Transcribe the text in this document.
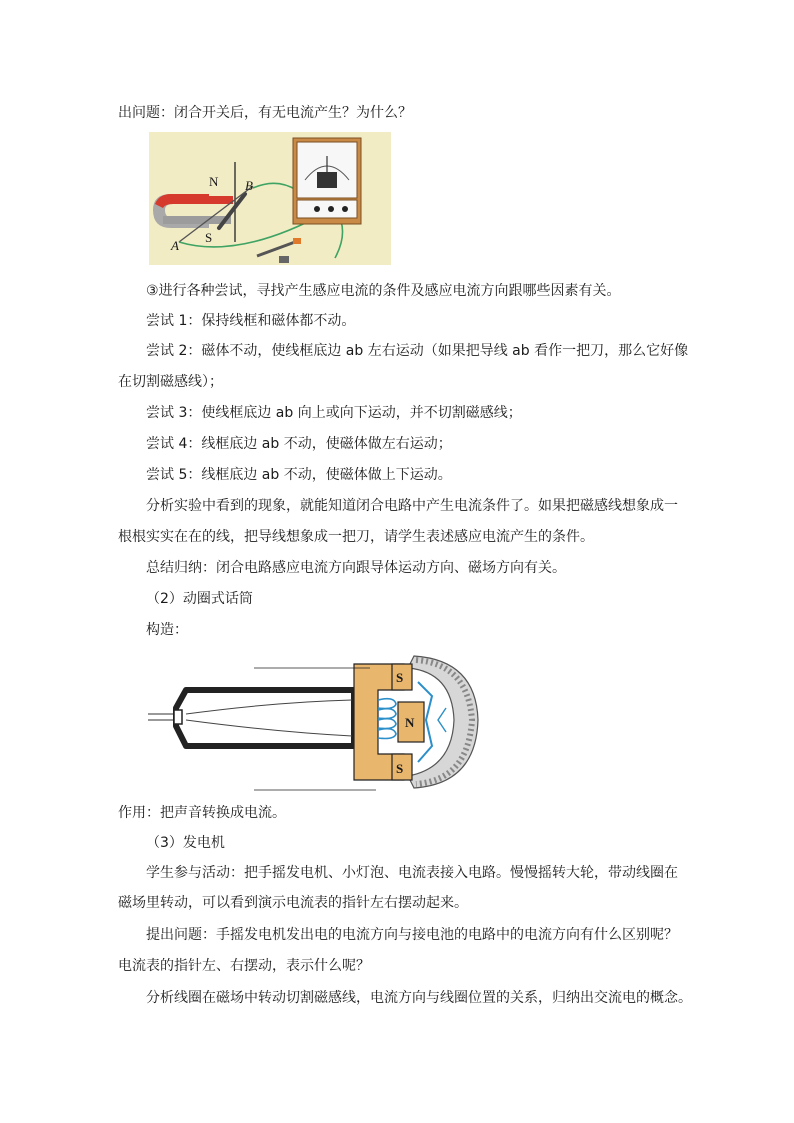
出问题：闭合开关后，有无电流产生？为什么？
N
S
A
B
③进行各种尝试，寻找产生感应电流的条件及感应电流方向跟哪些因素有关。
尝试 1：保持线框和磁体都不动。
尝试 2：磁体不动，使线框底边 ab 左右运动（如果把导线 ab 看作一把刀，那么它好像
在切割磁感线）；
尝试 3：使线框底边 ab 向上或向下运动，并不切割磁感线；
尝试 4：线框底边 ab 不动，使磁体做左右运动；
尝试 5：线框底边 ab 不动，使磁体做上下运动。
分析实验中看到的现象，就能知道闭合电路中产生电流条件了。如果把磁感线想象成一
根根实实在在的线，把导线想象成一把刀，请学生表述感应电流产生的条件。
总结归纳：闭合电路感应电流方向跟导体运动方向、磁场方向有关。
（2）动圈式话筒
构造：
S
N
S
作用：把声音转换成电流。
（3）发电机
学生参与活动：把手摇发电机、小灯泡、电流表接入电路。慢慢摇转大轮，带动线圈在
磁场里转动，可以看到演示电流表的指针左右摆动起来。
提出问题：手摇发电机发出电的电流方向与接电池的电路中的电流方向有什么区别呢？
电流表的指针左、右摆动，表示什么呢？
分析线圈在磁场中转动切割磁感线，电流方向与线圈位置的关系，归纳出交流电的概念。
